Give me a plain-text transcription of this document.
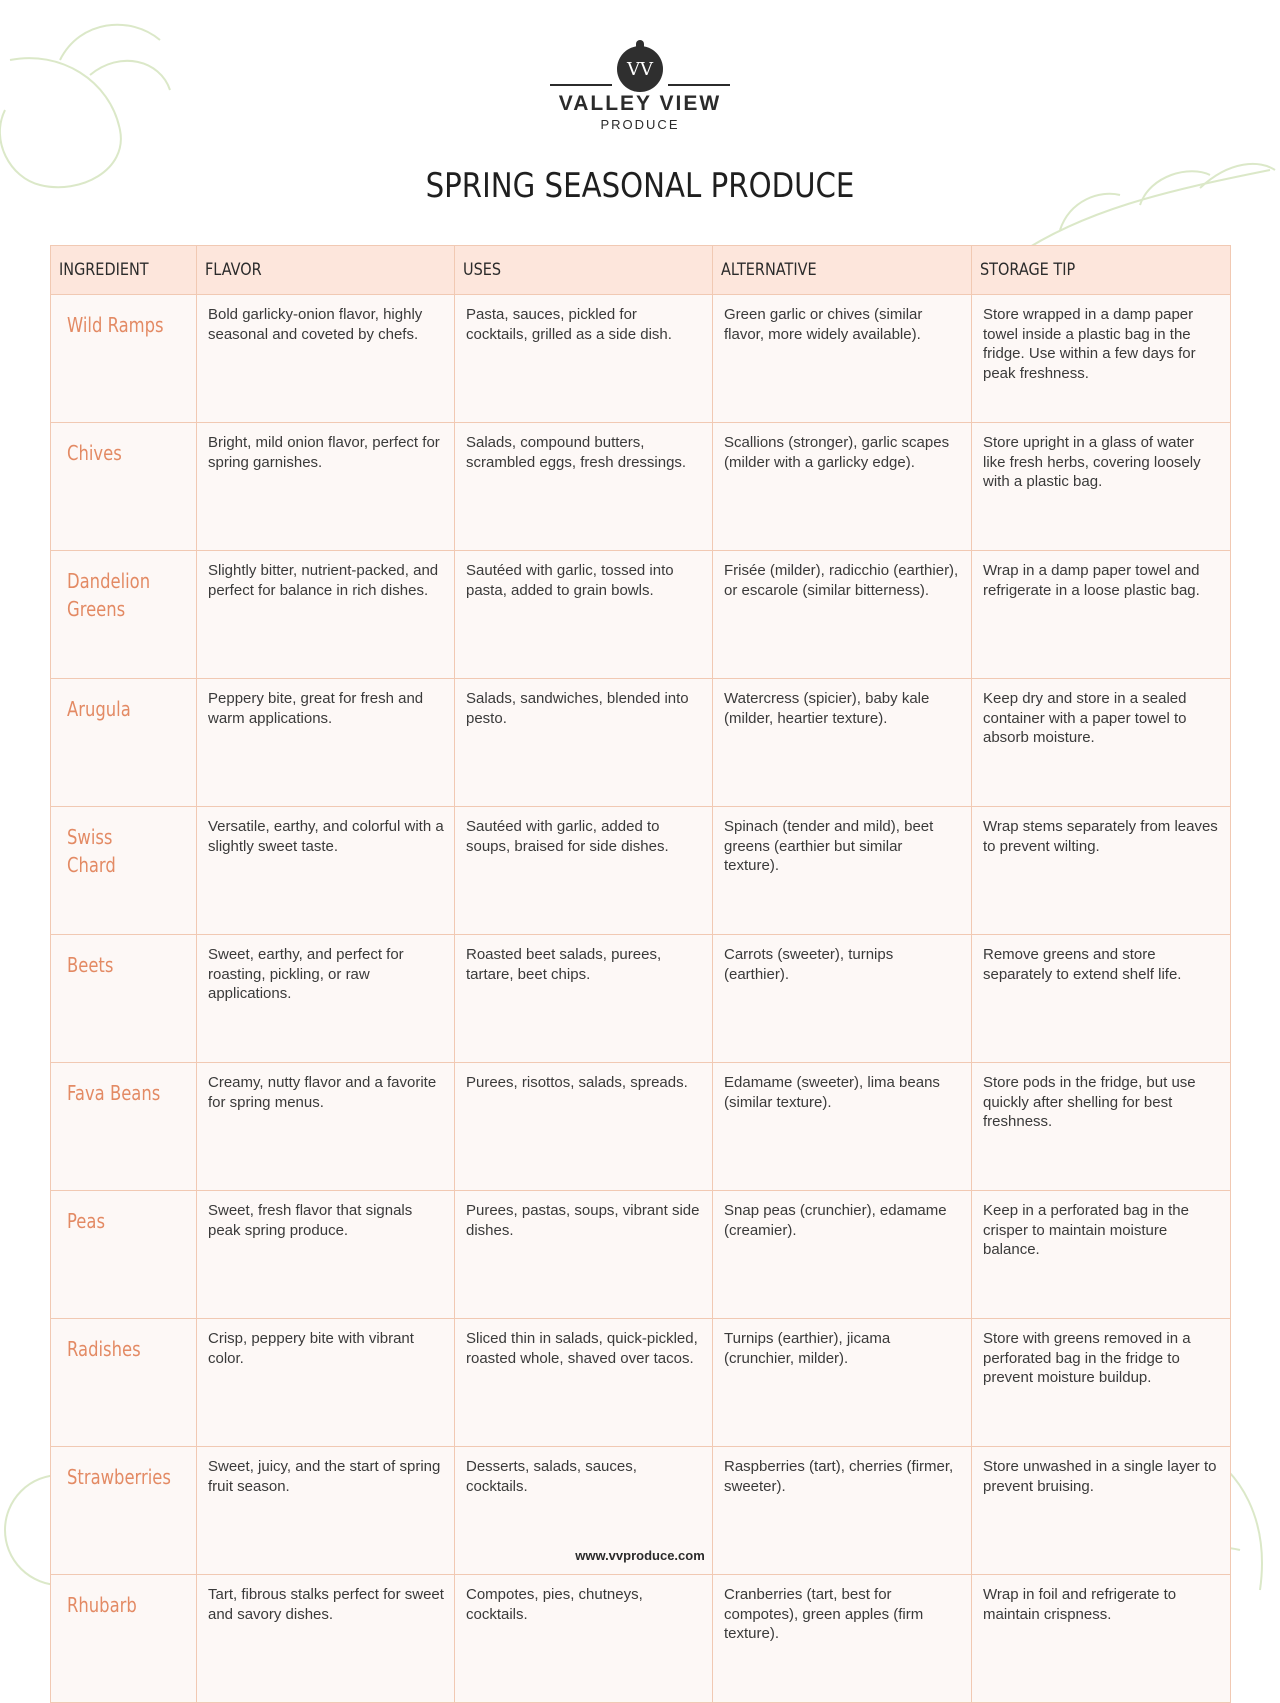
VV
VALLEY VIEW
PRODUCE
SPRING SEASONAL PRODUCE
INGREDIENT	FLAVOR	USES	ALTERNATIVE	STORAGE TIP
Wild Ramps	Bold garlicky-onion flavor, highly seasonal and coveted by chefs.	Pasta, sauces, pickled for cocktails, grilled as a side dish.	Green garlic or chives (similar flavor, more widely available).	Store wrapped in a damp paper towel inside a plastic bag in the fridge. Use within a few days for peak freshness.
Chives	Bright, mild onion flavor, perfect for spring garnishes.	Salads, compound butters, scrambled eggs, fresh dressings.	Scallions (stronger), garlic scapes (milder with a garlicky edge).	Store upright in a glass of water like fresh herbs, covering loosely with a plastic bag.
Dandelion Greens	Slightly bitter, nutrient-packed, and perfect for balance in rich dishes.	Sautéed with garlic, tossed into pasta, added to grain bowls.	Frisée (milder), radicchio (earthier), or escarole (similar bitterness).	Wrap in a damp paper towel and refrigerate in a loose plastic bag.
Arugula	Peppery bite, great for fresh and warm applications.	Salads, sandwiches, blended into pesto.	Watercress (spicier), baby kale (milder, heartier texture).	Keep dry and store in a sealed container with a paper towel to absorb moisture.
Swiss Chard	Versatile, earthy, and colorful with a slightly sweet taste.	Sautéed with garlic, added to soups, braised for side dishes.	Spinach (tender and mild), beet greens (earthier but similar texture).	Wrap stems separately from leaves to prevent wilting.
Beets	Sweet, earthy, and perfect for roasting, pickling, or raw applications.	Roasted beet salads, purees, tartare, beet chips.	Carrots (sweeter), turnips (earthier).	Remove greens and store separately to extend shelf life.
Fava Beans	Creamy, nutty flavor and a favorite for spring menus.	Purees, risottos, salads, spreads.	Edamame (sweeter), lima beans (similar texture).	Store pods in the fridge, but use quickly after shelling for best freshness.
Peas	Sweet, fresh flavor that signals peak spring produce.	Purees, pastas, soups, vibrant side dishes.	Snap peas (crunchier), edamame (creamier).	Keep in a perforated bag in the crisper to maintain moisture balance.
Radishes	Crisp, peppery bite with vibrant color.	Sliced thin in salads, quick-pickled, roasted whole, shaved over tacos.	Turnips (earthier), jicama (crunchier, milder).	Store with greens removed in a perforated bag in the fridge to prevent moisture buildup.
Strawberries	Sweet, juicy, and the start of spring fruit season.	Desserts, salads, sauces, cocktails.	Raspberries (tart), cherries (firmer, sweeter).	Store unwashed in a single layer to prevent bruising.
Rhubarb	Tart, fibrous stalks perfect for sweet and savory dishes.	Compotes, pies, chutneys, cocktails.	Cranberries (tart, best for compotes), green apples (firm texture).	Wrap in foil and refrigerate to maintain crispness.
www.vvproduce.com
